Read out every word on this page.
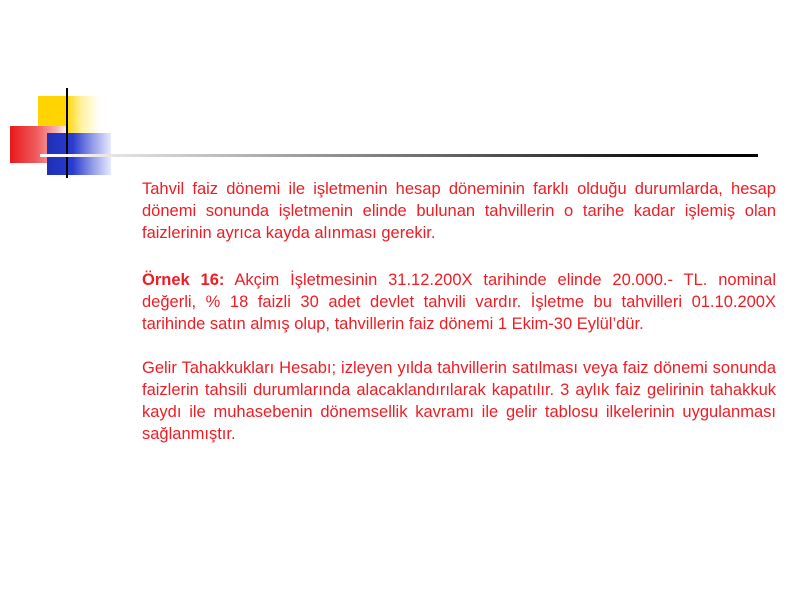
Tahvil faiz dönemi ile işletmenin hesap döneminin farklı olduğu durumlarda, hesap dönemi sonunda işletmenin elinde bulunan tahvillerin o tarihe kadar işlemiş olan faizlerinin ayrıca kayda alınması gerekir.

Örnek 16: Akçim İşletmesinin 31.12.200X tarihinde elinde 20.000.- TL. nominal değerli, % 18 faizli 30 adet devlet tahvili vardır. İşletme bu tahvilleri 01.10.200X tarihinde satın almış olup, tahvillerin faiz dönemi 1 Ekim-30 Eylül’dür.

Gelir Tahakkukları Hesabı; izleyen yılda tahvillerin satılması veya faiz dönemi sonunda faizlerin tahsili durumlarında alacaklandırılarak kapatılır. 3 aylık faiz gelirinin tahakkuk kaydı ile muhasebenin dönemsellik kavramı ile gelir tablosu ilkelerinin uygulanması sağlanmıştır.
